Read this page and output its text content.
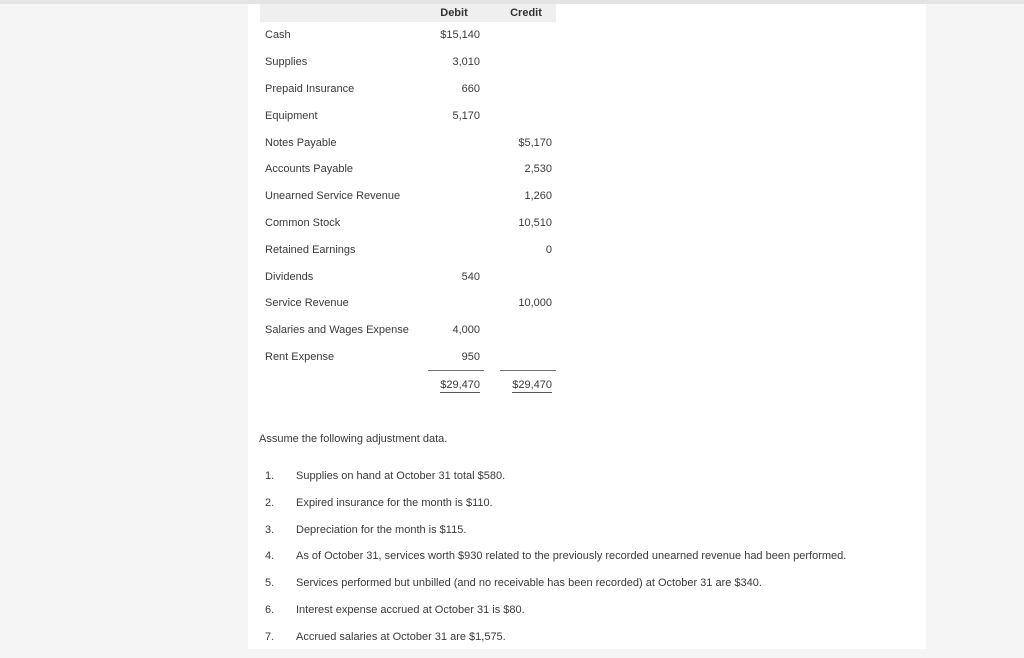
	Debit		Credit
Cash	$15,140		
Supplies	3,010		
Prepaid Insurance	660		
Equipment	5,170		
Notes Payable			$5,170
Accounts Payable			2,530
Unearned Service Revenue			1,260
Common Stock			10,510
Retained Earnings			0
Dividends	540		
Service Revenue			10,000
Salaries and Wages Expense	4,000		
Rent Expense	950		
	$29,470		$29,470
Assume the following adjustment data.
1.	Supplies on hand at October 31 total $580.
2.	Expired insurance for the month is $110.
3.	Depreciation for the month is $115.
4.	As of October 31, services worth $930 related to the previously recorded unearned revenue had been performed.
5.	Services performed but unbilled (and no receivable has been recorded) at October 31 are $340.
6.	Interest expense accrued at October 31 is $80.
7.	Accrued salaries at October 31 are $1,575.
